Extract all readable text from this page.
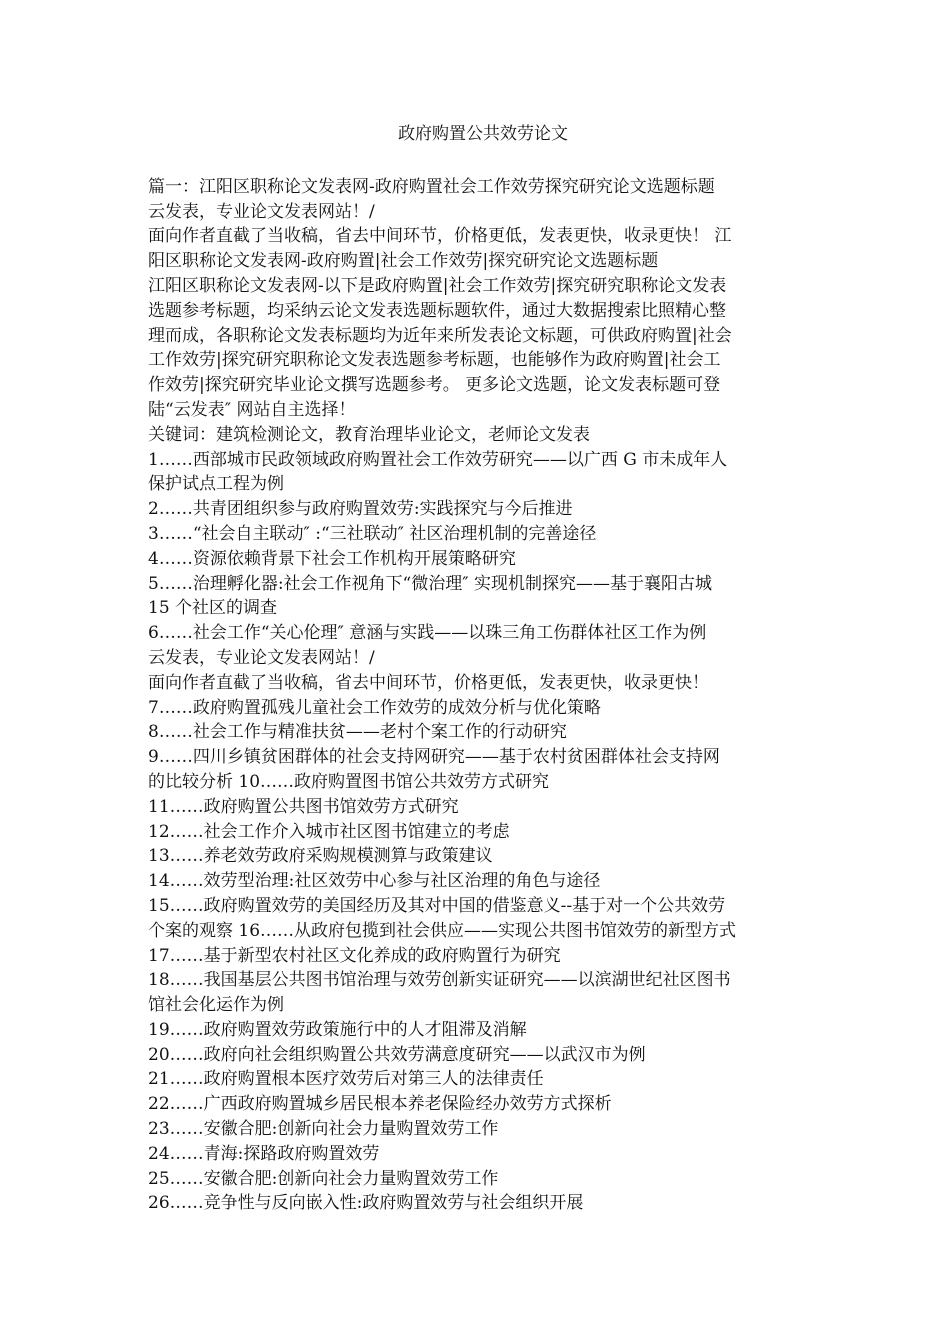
政府购置公共效劳论文
篇一：江阳区职称论文发表网-政府购置社会工作效劳探究研究论文选题标题
云发表，专业论文发表网站！/
面向作者直截了当收稿，省去中间环节，价格更低，发表更快，收录更快！ 江
阳区职称论文发表网-政府购置|社会工作效劳|探究研究论文选题标题
江阳区职称论文发表网-以下是政府购置|社会工作效劳|探究研究职称论文发表
选题参考标题，均采纳云论文发表选题标题软件，通过大数据搜索比照精心整
理而成，各职称论文发表标题均为近年来所发表论文标题，可供政府购置|社会
工作效劳|探究研究职称论文发表选题参考标题，也能够作为政府购置|社会工
作效劳|探究研究毕业论文撰写选题参考。 更多论文选题，论文发表标题可登
陆“云发表″ 网站自主选择！
关键词：建筑检测论文，教育治理毕业论文，老师论文发表
1……西部城市民政领域政府购置社会工作效劳研究——以广西 G 市未成年人
保护试点工程为例
2……共青团组织参与政府购置效劳:实践探究与今后推进
3……“社会自主联动″ :“三社联动″ 社区治理机制的完善途径
4……资源依赖背景下社会工作机构开展策略研究
5……治理孵化器:社会工作视角下“微治理″ 实现机制探究——基于襄阳古城
15 个社区的调查
6……社会工作“关心伦理″ 意涵与实践——以珠三角工伤群体社区工作为例
云发表，专业论文发表网站！/
面向作者直截了当收稿，省去中间环节，价格更低，发表更快，收录更快！
7……政府购置孤残儿童社会工作效劳的成效分析与优化策略
8……社会工作与精准扶贫——老村个案工作的行动研究
9……四川乡镇贫困群体的社会支持网研究——基于农村贫困群体社会支持网
的比较分析 10……政府购置图书馆公共效劳方式研究
11……政府购置公共图书馆效劳方式研究
12……社会工作介入城市社区图书馆建立的考虑
13……养老效劳政府采购规模测算与政策建议
14……效劳型治理:社区效劳中心参与社区治理的角色与途径
15……政府购置效劳的美国经历及其对中国的借鉴意义--基于对一个公共效劳
个案的观察 16……从政府包揽到社会供应——实现公共图书馆效劳的新型方式
17……基于新型农村社区文化养成的政府购置行为研究
18……我国基层公共图书馆治理与效劳创新实证研究——以滨湖世纪社区图书
馆社会化运作为例
19……政府购置效劳政策施行中的人才阻滞及消解
20……政府向社会组织购置公共效劳满意度研究——以武汉市为例
21……政府购置根本医疗效劳后对第三人的法律责任
22……广西政府购置城乡居民根本养老保险经办效劳方式探析
23……安徽合肥:创新向社会力量购置效劳工作
24……青海:探路政府购置效劳
25……安徽合肥:创新向社会力量购置效劳工作
26……竞争性与反向嵌入性:政府购置效劳与社会组织开展
